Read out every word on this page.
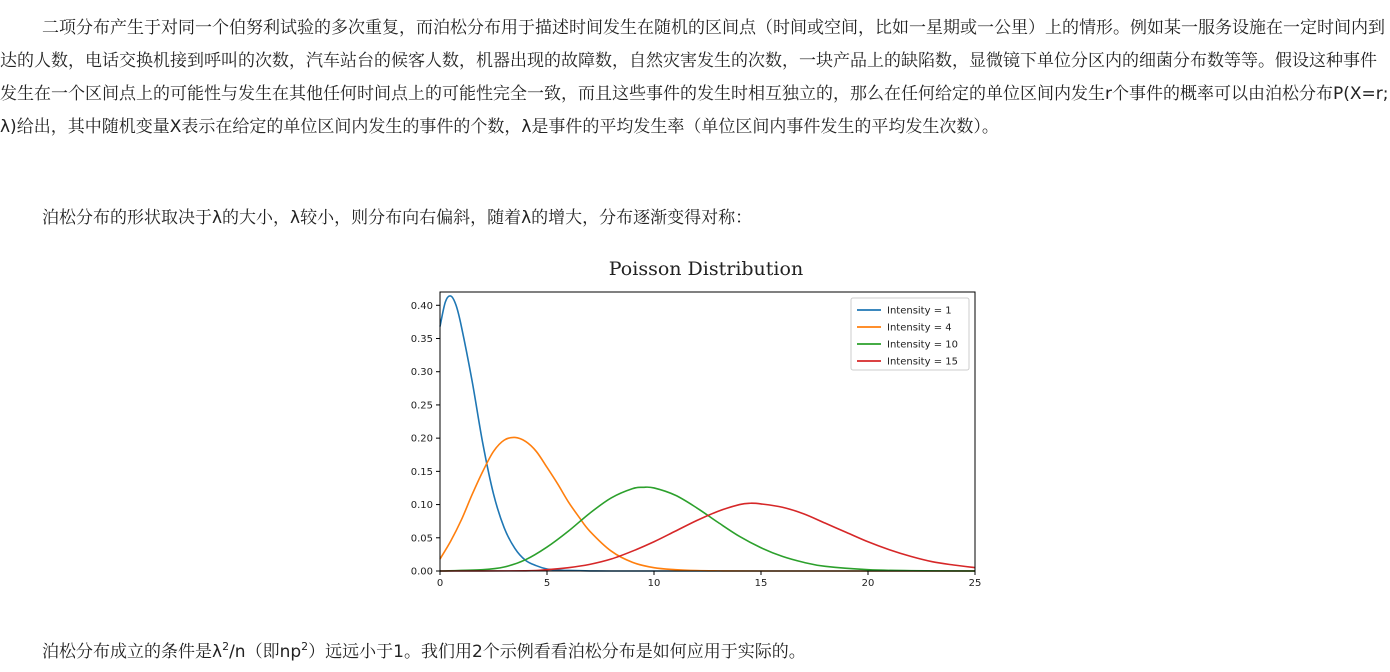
二项分布产生于对同一个伯努利试验的多次重复，而泊松分布用于描述时间发生在随机的区间点（时间或空间，比如一星期或一公里）上的情形。例如某一服务设施在一定时间内到达的人数，电话交换机接到呼叫的次数，汽车站台的候客人数，机器出现的故障数，自然灾害发生的次数，一块产品上的缺陷数，显微镜下单位分区内的细菌分布数等等。假设这种事件发生在一个区间点上的可能性与发生在其他任何时间点上的可能性完全一致，而且这些事件的发生时相互独立的，那么在任何给定的单位区间内发生r个事件的概率可以由泊松分布P(X=r; λ)给出，其中随机变量X表示在给定的单位区间内发生的事件的个数，λ是事件的平均发生率（单位区间内事件发生的平均发生次数）。

泊松分布的形状取决于λ的大小，λ较小，则分布向右偏斜，随着λ的增大，分布逐渐变得对称：

Poisson Distribution
0.00
0.05
0.10
0.15
0.20
0.25
0.30
0.35
0.40
0	5	10	15	20	25
Intensity = 1
Intensity = 4
Intensity = 10
Intensity = 15

泊松分布成立的条件是$\lambda^2/n$（即$np^2$）远远小于1。我们用2个示例看看泊松分布是如何应用于实际的。
